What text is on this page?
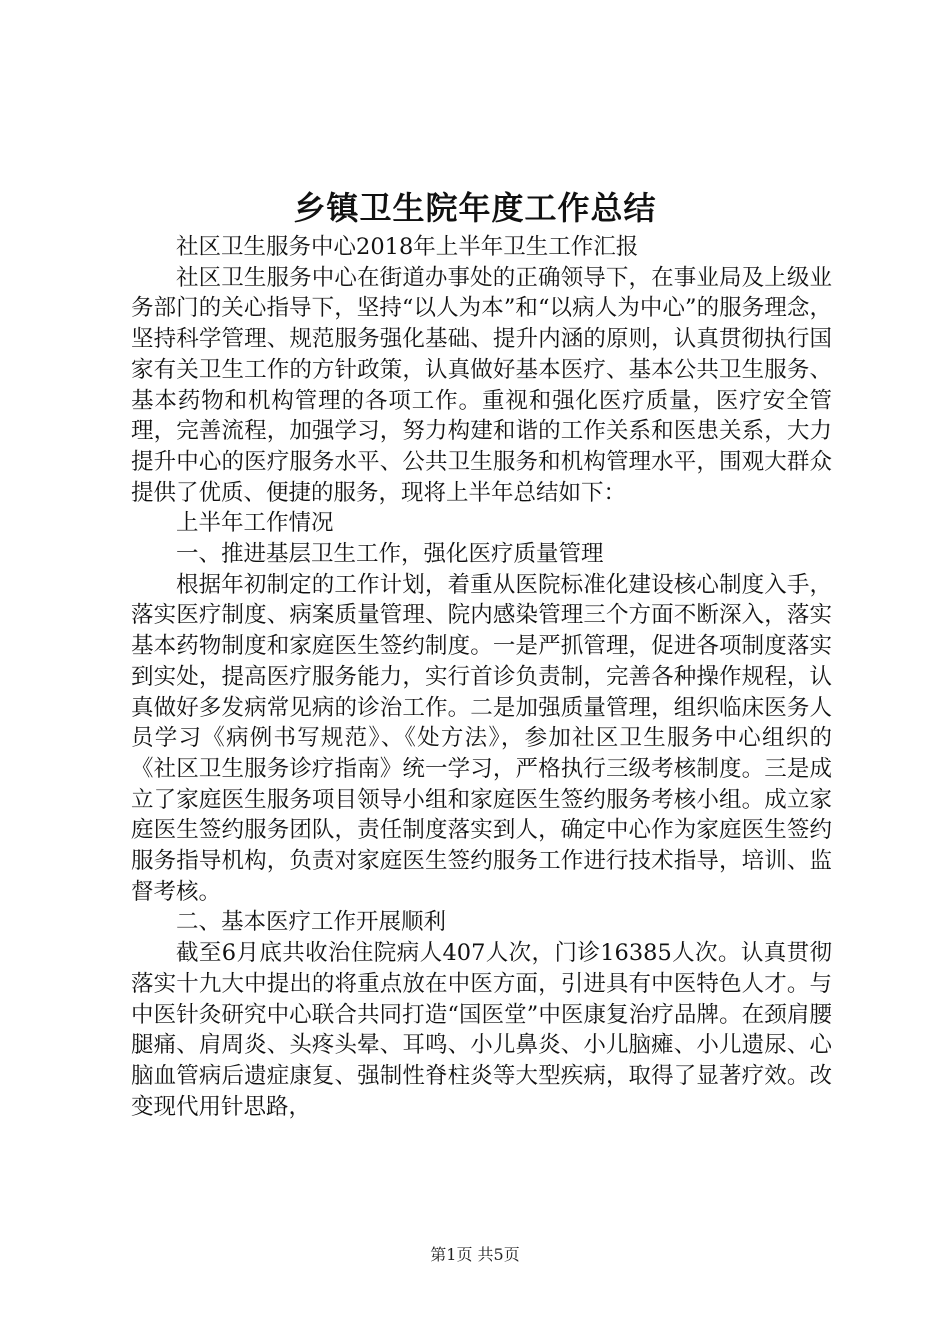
乡镇卫生院年度工作总结

社区卫生服务中心2018年上半年卫生工作汇报

社区卫生服务中心在街道办事处的正确领导下，在事业局及上级业务部门的关心指导下，坚持“以人为本”和“以病人为中心”的服务理念，坚持科学管理、规范服务强化基础、提升内涵的原则，认真贯彻执行国家有关卫生工作的方针政策，认真做好基本医疗、基本公共卫生服务、基本药物和机构管理的各项工作。重视和强化医疗质量，医疗安全管理，完善流程，加强学习，努力构建和谐的工作关系和医患关系，大力提升中心的医疗服务水平、公共卫生服务和机构管理水平，围观大群众提供了优质、便捷的服务，现将上半年总结如下：

上半年工作情况

一、推进基层卫生工作，强化医疗质量管理

根据年初制定的工作计划，着重从医院标准化建设核心制度入手，落实医疗制度、病案质量管理、院内感染管理三个方面不断深入，落实基本药物制度和家庭医生签约制度。一是严抓管理，促进各项制度落实到实处，提高医疗服务能力，实行首诊负责制，完善各种操作规程，认真做好多发病常见病的诊治工作。二是加强质量管理，组织临床医务人员学习《病例书写规范》、《处方法》，参加社区卫生服务中心组织的《社区卫生服务诊疗指南》统一学习，严格执行三级考核制度。三是成立了家庭医生服务项目领导小组和家庭医生签约服务考核小组。成立家庭医生签约服务团队，责任制度落实到人，确定中心作为家庭医生签约服务指导机构，负责对家庭医生签约服务工作进行技术指导，培训、监督考核。

二、基本医疗工作开展顺利

截至6月底共收治住院病人407人次，门诊16385人次。认真贯彻落实十九大中提出的将重点放在中医方面，引进具有中医特色人才。与中医针灸研究中心联合共同打造“国医堂”中医康复治疗品牌。在颈肩腰腿痛、肩周炎、头疼头晕、耳鸣、小儿鼻炎、小儿脑瘫、小儿遗尿、心脑血管病后遗症康复、强制性脊柱炎等大型疾病，取得了显著疗效。改变现代用针思路，

第1页 共5页
